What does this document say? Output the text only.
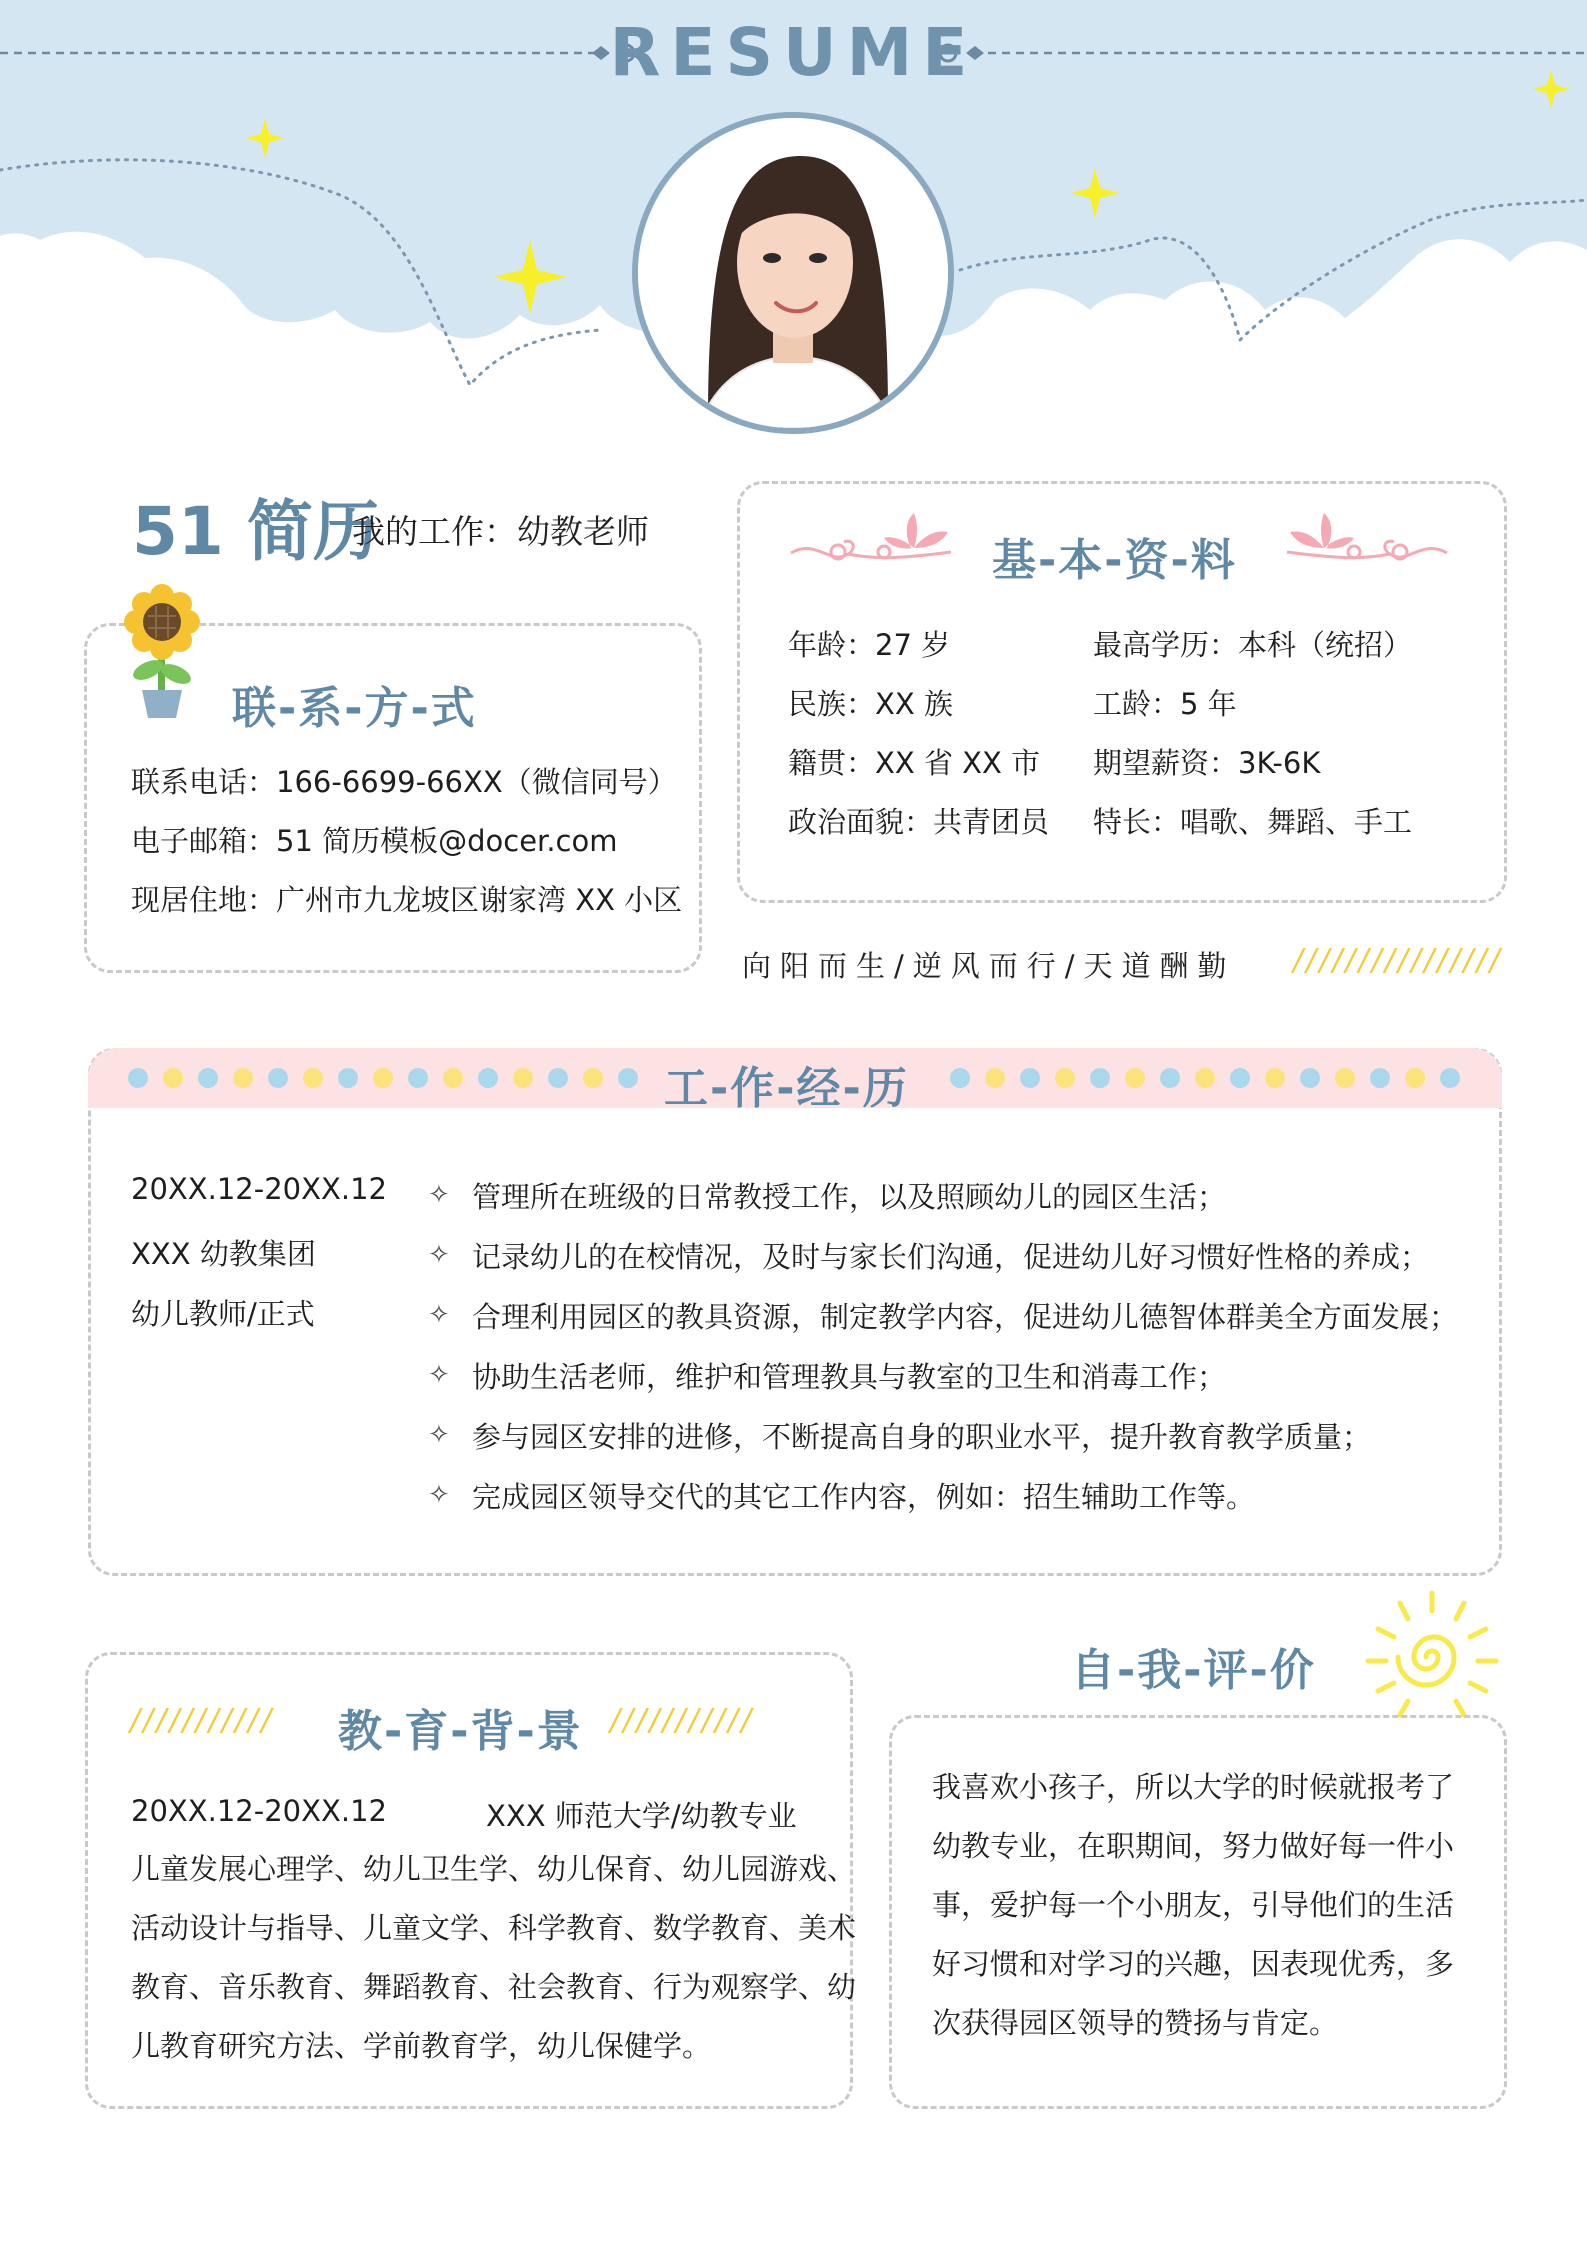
RESUME
51 简历
我的工作：幼教老师
联-系-方-式
联系电话：166-6699-66XX（微信同号）
电子邮箱：51 简历模板@docer.com
现居住地：广州市九龙坡区谢家湾 XX 小区
基-本-资-料
年龄：27 岁
民族：XX 族
籍贯：XX 省 XX 市
政治面貌：共青团员
最高学历：本科（统招）
工龄：5 年
期望薪资：3K-6K
特长：唱歌、舞蹈、手工
向阳而生/逆风而行/天道酬勤 ////////////////
工-作-经-历
20XX.12-20XX.12
XXX 幼教集团
幼儿教师/正式
✧ 管理所在班级的日常教授工作，以及照顾幼儿的园区生活；
✧ 记录幼儿的在校情况，及时与家长们沟通，促进幼儿好习惯好性格的养成；
✧ 合理利用园区的教具资源，制定教学内容，促进幼儿德智体群美全方面发展；
✧ 协助生活老师，维护和管理教具与教室的卫生和消毒工作；
✧ 参与园区安排的进修，不断提高自身的职业水平，提升教育教学质量；
✧ 完成园区领导交代的其它工作内容，例如：招生辅助工作等。
/////////// 教-育-背-景 ///////////
20XX.12-20XX.12	XXX 师范大学/幼教专业
儿童发展心理学、幼儿卫生学、幼儿保育、幼儿园游戏、
活动设计与指导、儿童文学、科学教育、数学教育、美术
教育、音乐教育、舞蹈教育、社会教育、行为观察学、幼
儿教育研究方法、学前教育学，幼儿保健学。
自-我-评-价
我喜欢小孩子，所以大学的时候就报考了
幼教专业，在职期间，努力做好每一件小
事，爱护每一个小朋友，引导他们的生活
好习惯和对学习的兴趣，因表现优秀，多
次获得园区领导的赞扬与肯定。
